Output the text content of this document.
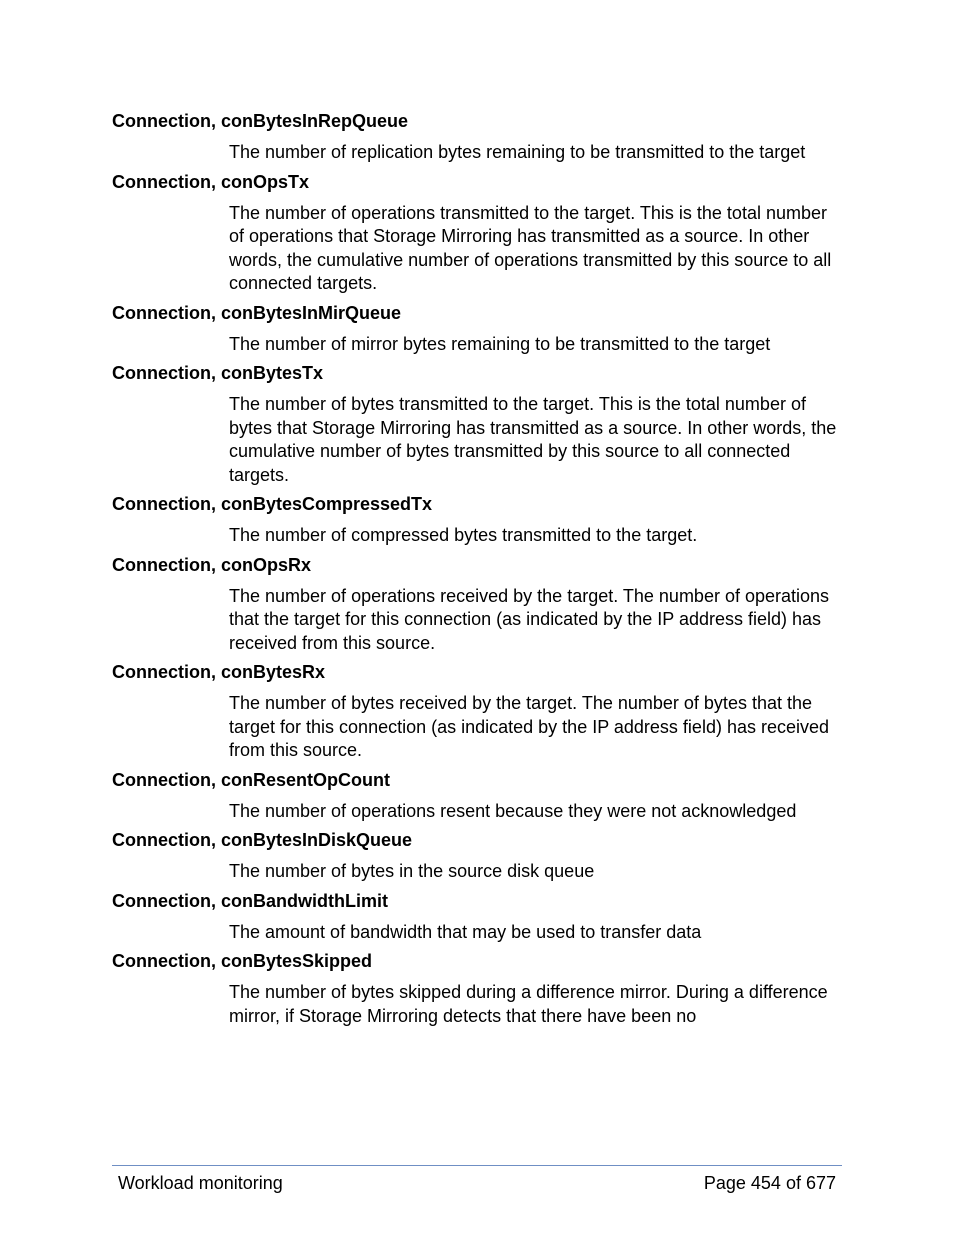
Connection, conBytesInRepQueue
The number of replication bytes remaining to be transmitted to the target
Connection, conOpsTx
The number of operations transmitted to the target. This is the total number of operations that Storage Mirroring has transmitted as a source. In other words, the cumulative number of operations transmitted by this source to all connected targets.
Connection, conBytesInMirQueue
The number of mirror bytes remaining to be transmitted to the target
Connection, conBytesTx
The number of bytes transmitted to the target. This is the total number of bytes that Storage Mirroring has transmitted as a source. In other words, the cumulative number of bytes transmitted by this source to all connected targets.
Connection, conBytesCompressedTx
The number of compressed bytes transmitted to the target.
Connection, conOpsRx
The number of operations received by the target. The number of operations that the target for this connection (as indicated by the IP address field) has received from this source.
Connection, conBytesRx
The number of bytes received by the target. The number of bytes that the target for this connection (as indicated by the IP address field) has received from this source.
Connection, conResentOpCount
The number of operations resent because they were not acknowledged
Connection, conBytesInDiskQueue
The number of bytes in the source disk queue
Connection, conBandwidthLimit
The amount of bandwidth that may be used to transfer data
Connection, conBytesSkipped
The number of bytes skipped during a difference mirror. During a difference mirror, if Storage Mirroring detects that there have been no
Workload monitoring	Page 454 of 677
